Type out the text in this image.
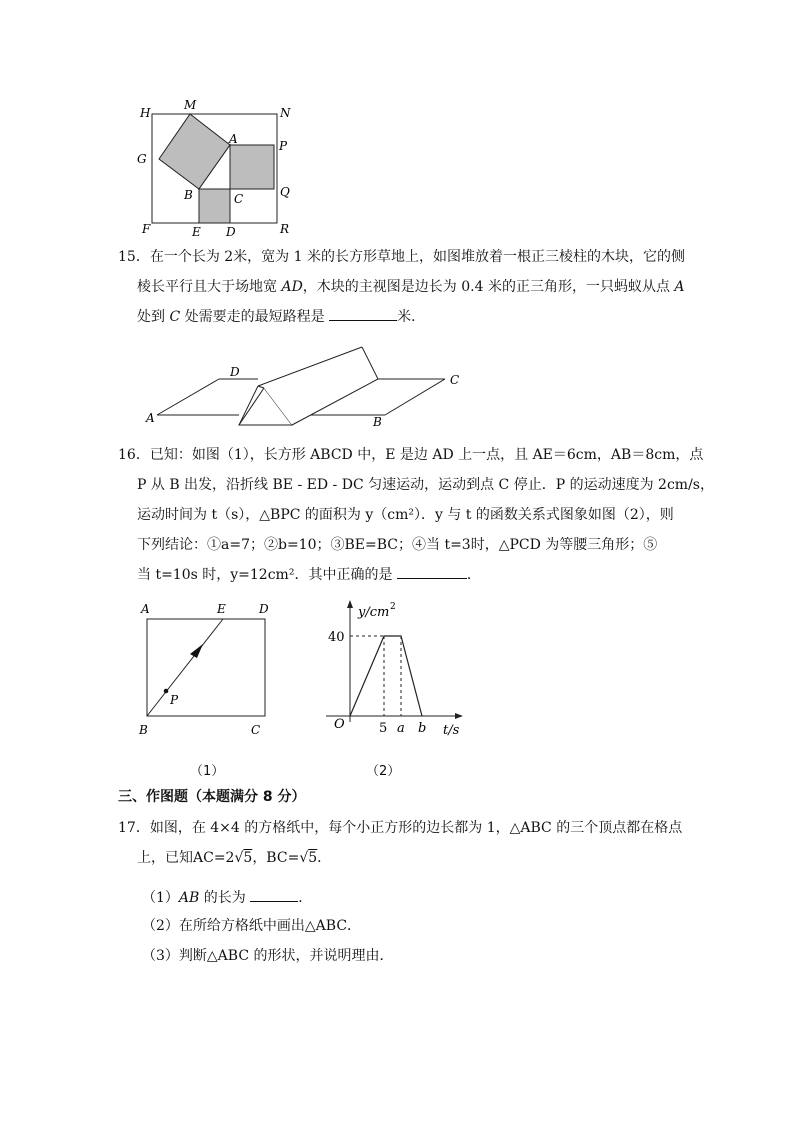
H
M
N
A	P
G
B	C	Q
F	E D	R
15．在一个长为 2米，宽为 1 米的长方形草地上，如图堆放着一根正三棱柱的木块，它的侧
棱长平行且大于场地宽 AD，木块的主视图是边长为 0.4 米的正三角形，一只蚂蚁从点 A
处到 C 处需要走的最短路程是	米．
D
C
A	B
16．已知：如图（1），长方形 ABCD 中，E 是边 AD 上一点，且 AE＝6cm，AB＝8cm，点
P 从 B 出发，沿折线 BE - ED - DC 匀速运动，运动到点 C 停止．P 的运动速度为 2cm/s，
运动时间为 t（s），△BPC 的面积为 y（cm²）．y 与 t 的函数关系式图象如图（2），则
下列结论：①a=7；②b=10；③BE=BC；④当 t=3时，△PCD 为等腰三角形；⑤
当 t=10s 时，y=12cm²．其中正确的是	．
A	E	D
P
B	C
y/cm 2
40
O	5 a b t/s
（1）	（2）
三、作图题（本题满分 8 分）
17．如图，在 4×4 的方格纸中，每个小正方形的边长都为 1，△ABC 的三个顶点都在格点
上，已知AC=2√5，BC=√5．
（1）AB 的长为	．
（2）在所给方格纸中画出△ABC．
（3）判断△ABC 的形状，并说明理由．
